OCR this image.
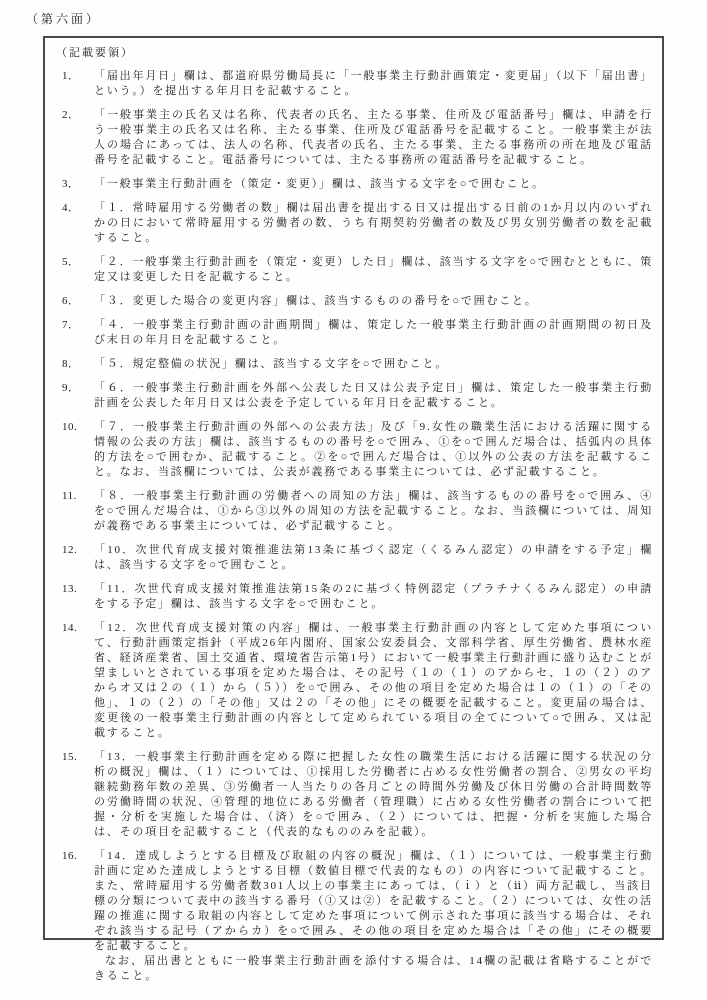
（第六面）
（記載要領）
1． 「届出年月日」欄は、都道府県労働局長に「一般事業主行動計画策定・変更届」（以下「届出書」という。）を提出する年月日を記載すること。
2． 「一般事業主の氏名又は名称、代表者の氏名、主たる事業、住所及び電話番号」欄は、申請を行う一般事業主の氏名又は名称、主たる事業、住所及び電話番号を記載すること。一般事業主が法人の場合にあっては、法人の名称、代表者の氏名、主たる事業、主たる事務所の所在地及び電話番号を記載すること。電話番号については、主たる事務所の電話番号を記載すること。
3． 「一般事業主行動計画を（策定・変更）」欄は、該当する文字を○で囲むこと。
4． 「１．常時雇用する労働者の数」欄は届出書を提出する日又は提出する日前の1か月以内のいずれかの日において常時雇用する労働者の数、うち有期契約労働者の数及び男女別労働者の数を記載すること。
5． 「２．一般事業主行動計画を（策定・変更）した日」欄は、該当する文字を○で囲むとともに、策定又は変更した日を記載すること。
6． 「３．変更した場合の変更内容」欄は、該当するものの番号を○で囲むこと。
7． 「４．一般事業主行動計画の計画期間」欄は、策定した一般事業主行動計画の計画期間の初日及び末日の年月日を記載すること。
8． 「５．規定整備の状況」欄は、該当する文字を○で囲むこと。
9． 「６．一般事業主行動計画を外部へ公表した日又は公表予定日」欄は、策定した一般事業主行動計画を公表した年月日又は公表を予定している年月日を記載すること。
10. 「７．一般事業主行動計画の外部への公表方法」及び「9.女性の職業生活における活躍に関する情報の公表の方法」欄は、該当するものの番号を○で囲み、①を○で囲んだ場合は、括弧内の具体的方法を○で囲むか、記載すること。②を○で囲んだ場合は、①以外の公表の方法を記載すること。なお、当該欄については、公表が義務である事業主については、必ず記載すること。
11. 「８．一般事業主行動計画の労働者への周知の方法」欄は、該当するものの番号を○で囲み、④を○で囲んだ場合は、①から③以外の周知の方法を記載すること。なお、当該欄については、周知が義務である事業主については、必ず記載すること。
12. 「10．次世代育成支援対策推進法第13条に基づく認定（くるみん認定）の申請をする予定」欄は、該当する文字を○で囲むこと。
13. 「11．次世代育成支援対策推進法第15条の2に基づく特例認定（プラチナくるみん認定）の申請をする予定」欄は、該当する文字を○で囲むこと。
14. 「12．次世代育成支援対策の内容」欄は、一般事業主行動計画の内容として定めた事項について、行動計画策定指針（平成26年内閣府、国家公安委員会、文部科学省、厚生労働省、農林水産省、経済産業省、国土交通省、環境省告示第1号）において一般事業主行動計画に盛り込むことが望ましいとされている事項を定めた場合は、その記号（１の（１）のアからセ、１の（２）のアからオ又は２の（１）から（５））を○で囲み、その他の項目を定めた場合は１の（１）の「その他」、１の（２）の「その他」又は２の「その他」にその概要を記載すること。変更届の場合は、変更後の一般事業主行動計画の内容として定められている項目の全てについて○で囲み、又は記載すること。
15. 「13．一般事業主行動計画を定める際に把握した女性の職業生活における活躍に関する状況の分析の概況」欄は、（１）については、①採用した労働者に占める女性労働者の割合、②男女の平均継続勤務年数の差異、③労働者一人当たりの各月ごとの時間外労働及び休日労働の合計時間数等の労働時間の状況、④管理的地位にある労働者（管理職）に占める女性労働者の割合について把握・分析を実施した場合は、（済）を○で囲み、（２）については、把握・分析を実施した場合は、その項目を記載すること（代表的なもののみを記載）。
16. 「14．達成しようとする目標及び取組の内容の概況」欄は、（１）については、一般事業主行動計画に定めた達成しようとする目標（数値目標で代表的なもの）の内容について記載すること。また、常時雇用する労働者数301人以上の事業主にあっては、（ｉ）と（ⅱ）両方記載し、当該目標の分類について表中の該当する番号（①又は②）を記載すること。（２）については、女性の活躍の推進に関する取組の内容として定めた事項について例示された事項に該当する場合は、それぞれ該当する記号（アからカ）を○で囲み、その他の項目を定めた場合は「その他」にその概要を記載すること。
なお、届出書とともに一般事業主行動計画を添付する場合は、14欄の記載は省略することができること。
